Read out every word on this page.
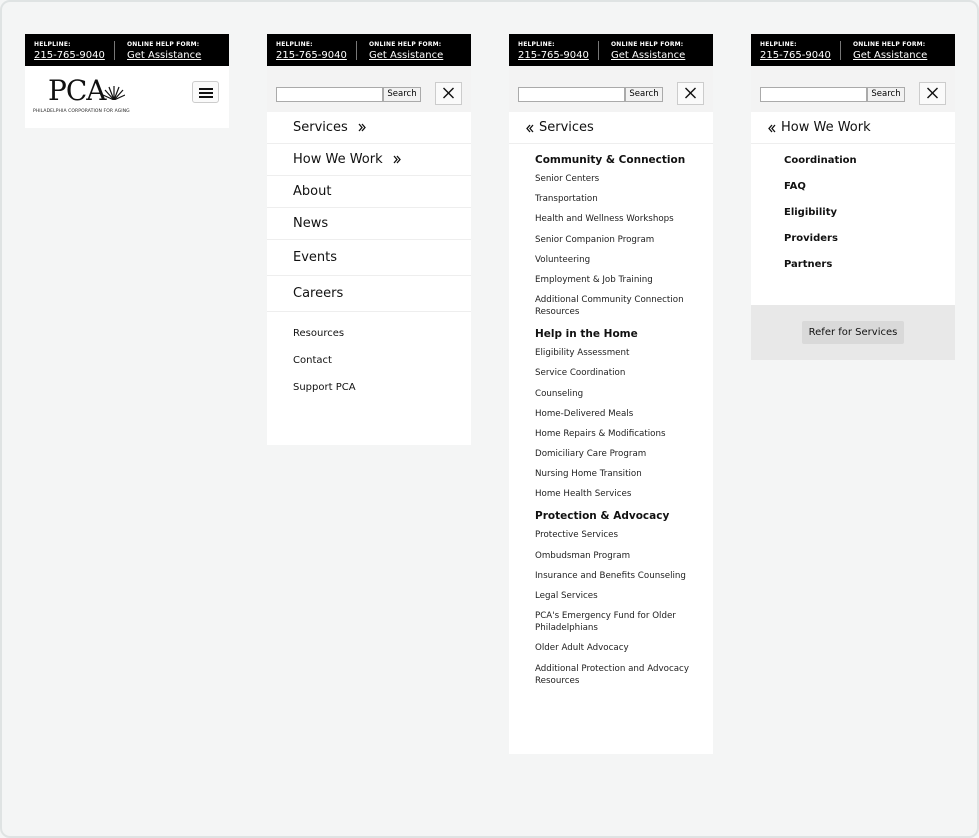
HELPLINE:
215-765-9040
ONLINE HELP FORM:
Get Assistance
PCA
PHILADELPHIA CORPORATION FOR AGING
HELPLINE:
215-765-9040
ONLINE HELP FORM:
Get Assistance
Search
Services
How We Work
About
News
Events
Careers
Resources
Contact
Support PCA
HELPLINE:
215-765-9040
ONLINE HELP FORM:
Get Assistance
Search
Services
Community & Connection
Senior Centers
Transportation
Health and Wellness Workshops
Senior Companion Program
Volunteering
Employment & Job Training
Additional Community Connection Resources
Help in the Home
Eligibility Assessment
Service Coordination
Counseling
Home-Delivered Meals
Home Repairs & Modifications
Domiciliary Care Program
Nursing Home Transition
Home Health Services
Protection & Advocacy
Protective Services
Ombudsman Program
Insurance and Benefits Counseling
Legal Services
PCA's Emergency Fund for Older Philadelphians
Older Adult Advocacy
Additional Protection and Advocacy Resources
HELPLINE:
215-765-9040
ONLINE HELP FORM:
Get Assistance
Search
How We Work
Coordination
FAQ
Eligibility
Providers
Partners
Refer for Services
